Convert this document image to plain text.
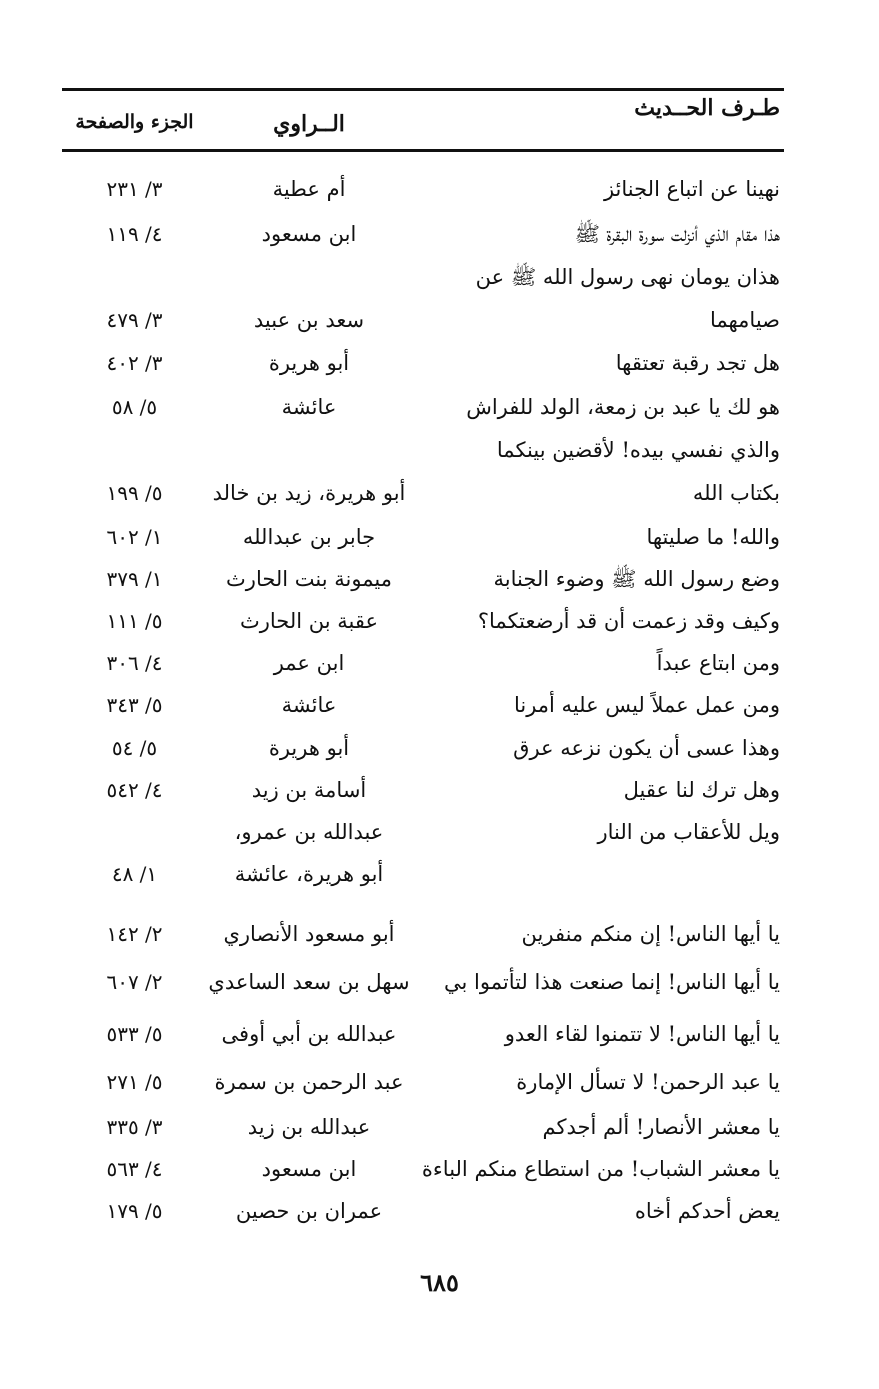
طـرف الحــديث
الــراوي
الجزء والصفحة
نهينا عن اتباع الجنائز
أم عطية
٣/ ٢٣١
هذا مقام الذي أنزلت سورة البقرة ﷺ
ابن مسعود
٤/ ١١٩
هذان يومان نهى رسول الله ﷺ عن
صيامهما
سعد بن عبيد
٣/ ٤٧٩
هل تجد رقبة تعتقها
أبو هريرة
٣/ ٤٠٢
هو لك يا عبد بن زمعة، الولد للفراش
عائشة
٥/ ٥٨
والذي نفسي بيده! لأقضين بينكما
بكتاب الله
أبو هريرة، زيد بن خالد
٥/ ١٩٩
والله! ما صليتها
جابر بن عبدالله
١/ ٦٠٢
وضع رسول الله ﷺ وضوء الجنابة
ميمونة بنت الحارث
١/ ٣٧٩
وكيف وقد زعمت أن قد أرضعتكما؟
عقبة بن الحارث
٥/ ١١١
ومن ابتاع عبداً
ابن عمر
٤/ ٣٠٦
ومن عمل عملاً ليس عليه أمرنا
عائشة
٥/ ٣٤٣
وهذا عسى أن يكون نزعه عرق
أبو هريرة
٥/ ٥٤
وهل ترك لنا عقيل
أسامة بن زيد
٤/ ٥٤٢
ويل للأعقاب من النار
عبدالله بن عمرو،
أبو هريرة، عائشة
١/ ٤٨
يا أيها الناس! إن منكم منفرين
أبو مسعود الأنصاري
٢/ ١٤٢
يا أيها الناس! إنما صنعت هذا لتأتموا بي
سهل بن سعد الساعدي
٢/ ٦٠٧
يا أيها الناس! لا تتمنوا لقاء العدو
عبدالله بن أبي أوفى
٥/ ٥٣٣
يا عبد الرحمن! لا تسأل الإمارة
عبد الرحمن بن سمرة
٥/ ٢٧١
يا معشر الأنصار! ألم أجدكم
عبدالله بن زيد
٣/ ٣٣٥
يا معشر الشباب! من استطاع منكم الباءة
ابن مسعود
٤/ ٥٦٣
يعض أحدكم أخاه
عمران بن حصين
٥/ ١٧٩
٦٨٥
